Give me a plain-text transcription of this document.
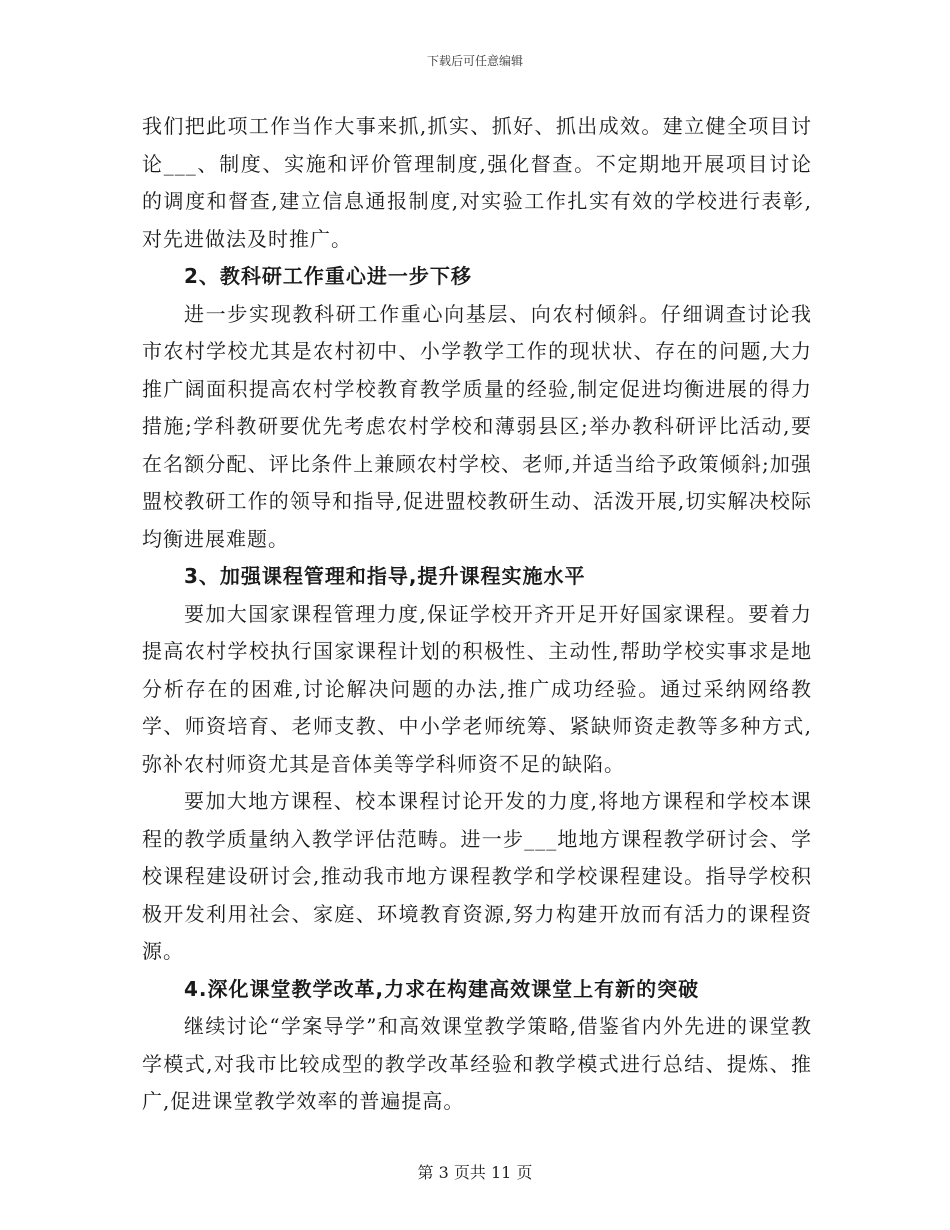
下载后可任意编辑

我们把此项工作当作大事来抓,抓实、抓好、抓出成效。建立健全项目讨论___、制度、实施和评价管理制度,强化督查。不定期地开展项目讨论的调度和督查,建立信息通报制度,对实验工作扎实有效的学校进行表彰,对先进做法及时推广。

2、教科研工作重心进一步下移

进一步实现教科研工作重心向基层、向农村倾斜。仔细调查讨论我市农村学校尤其是农村初中、小学教学工作的现状状、存在的问题,大力推广阔面积提高农村学校教育教学质量的经验,制定促进均衡进展的得力措施;学科教研要优先考虑农村学校和薄弱县区;举办教科研评比活动,要在名额分配、评比条件上兼顾农村学校、老师,并适当给予政策倾斜;加强盟校教研工作的领导和指导,促进盟校教研生动、活泼开展,切实解决校际均衡进展难题。

3、加强课程管理和指导,提升课程实施水平

要加大国家课程管理力度,保证学校开齐开足开好国家课程。要着力提高农村学校执行国家课程计划的积极性、主动性,帮助学校实事求是地分析存在的困难,讨论解决问题的办法,推广成功经验。通过采纳网络教学、师资培育、老师支教、中小学老师统筹、紧缺师资走教等多种方式,弥补农村师资尤其是音体美等学科师资不足的缺陷。

要加大地方课程、校本课程讨论开发的力度,将地方课程和学校本课程的教学质量纳入教学评估范畴。进一步___地地方课程教学研讨会、学校课程建设研讨会,推动我市地方课程教学和学校课程建设。指导学校积极开发利用社会、家庭、环境教育资源,努力构建开放而有活力的课程资源。

4.深化课堂教学改革,力求在构建高效课堂上有新的突破

继续讨论“学案导学”和高效课堂教学策略,借鉴省内外先进的课堂教学模式,对我市比较成型的教学改革经验和教学模式进行总结、提炼、推广,促进课堂教学效率的普遍提高。

第 3 页共 11 页
